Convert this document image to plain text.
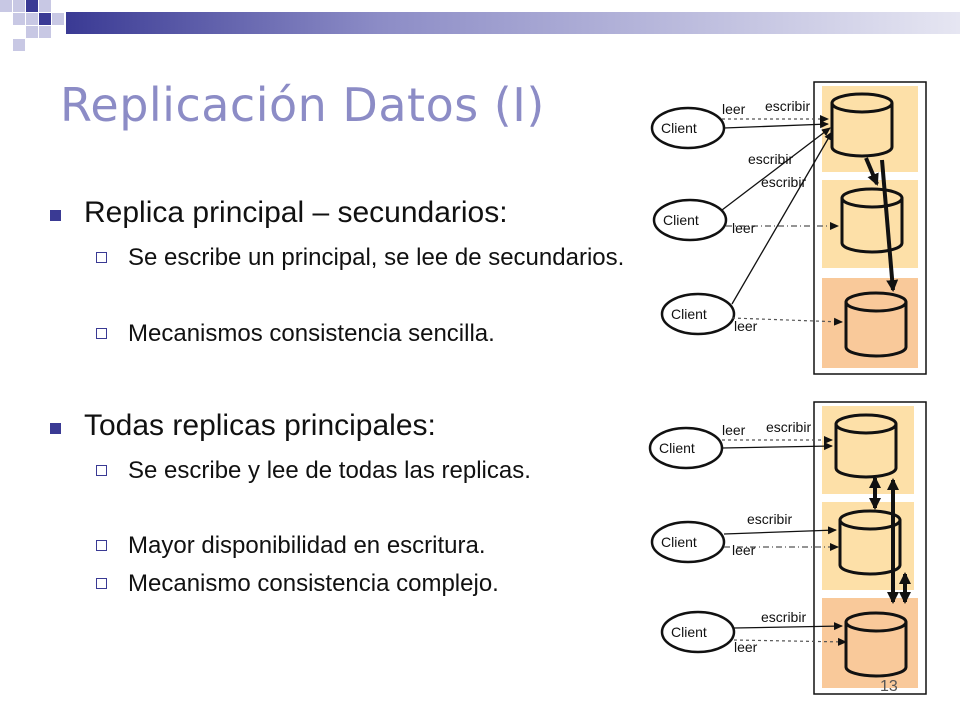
Replicación Datos (I)
Replica principal – secundarios:
Se escribe un principal, se lee de secundarios.
Mecanismos consistencia sencilla.
Todas replicas principales:
Se escribe y lee de todas las replicas.
Mayor disponibilidad en escritura.
Mecanismo consistencia complejo.
Client
Client
Client
leer escribir
escribir
escribir
leer
leer
Client
Client
Client
leer escribir
escribir
leer
escribir
leer
13
